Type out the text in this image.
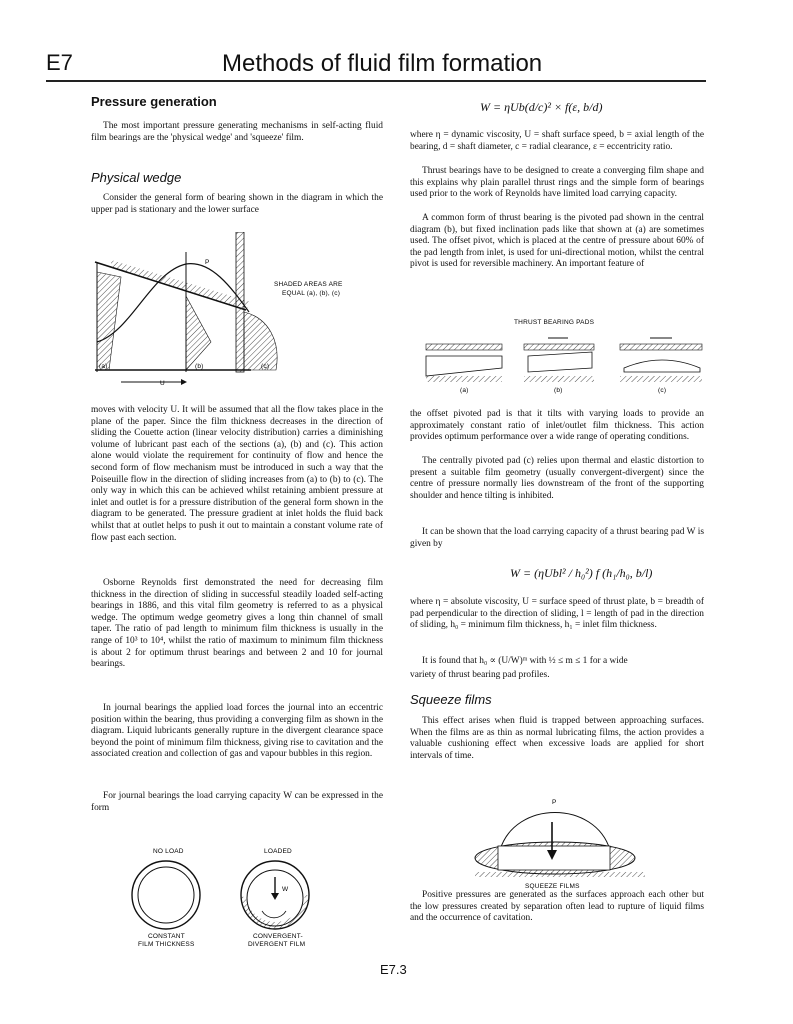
E7	Methods of fluid film formation
Pressure generation

The most important pressure generating mechanisms in self-acting fluid film bearings are the 'physical wedge' and 'squeeze' film.

Physical wedge

Consider the general form of bearing shown in the diagram in which the upper pad is stationary and the lower surface

P
SHADED AREAS ARE
EQUAL (a), (b), (c)
(a)	(b)	(c)
U

moves with velocity U. It will be assumed that all the flow takes place in the plane of the paper. Since the film thickness decreases in the direction of sliding the Couette action (linear velocity distribution) carries a diminishing volume of lubricant past each of the sections (a), (b) and (c). This action alone would violate the requirement for continuity of flow and hence the second form of flow mechanism must be introduced in such a way that the Poiseuille flow in the direction of sliding increases from (a) to (b) to (c). The only way in which this can be achieved whilst retaining ambient pressure at inlet and outlet is for a pressure distribution of the general form shown in the diagram to be generated. The pressure gradient at inlet holds the fluid back whilst that at outlet helps to push it out to maintain a constant volume rate of flow past each section.

Osborne Reynolds first demonstrated the need for decreasing film thickness in the direction of sliding in successful steadily loaded self-acting bearings in 1886, and this vital film geometry is referred to as a physical wedge. The optimum wedge geometry gives a long thin channel of small taper. The ratio of pad length to minimum film thickness is usually in the range of 10³ to 10⁴, whilst the ratio of maximum to minimum film thickness is about 2 for optimum thrust bearings and between 2 and 10 for journal bearings.

In journal bearings the applied load forces the journal into an eccentric position within the bearing, thus providing a converging film as shown in the diagram. Liquid lubricants generally rupture in the divergent clearance space beyond the point of minimum film thickness, giving rise to cavitation and the associated creation and collection of gas and vapour bubbles in this region.

For journal bearings the load carrying capacity W can be expressed in the form

NO LOAD	LOADED
W
CONSTANT
FILM THICKNESS
CONVERGENT-
DIVERGENT FILM
W = ηUb(d/c)² × f(ε, b/d)

where η = dynamic viscosity, U = shaft surface speed, b = axial length of the bearing, d = shaft diameter, c = radial clearance, ε = eccentricity ratio.

Thrust bearings have to be designed to create a converging film shape and this explains why plain parallel thrust rings and the simple form of bearings used prior to the work of Reynolds have limited load carrying capacity.

A common form of thrust bearing is the pivoted pad shown in the central diagram (b), but fixed inclination pads like that shown at (a) are sometimes used. The offset pivot, which is placed at the centre of pressure about 60% of the pad length from inlet, is used for uni-directional motion, whilst the central pivot is used for reversible machinery. An important feature of

THRUST BEARING PADS
(a)	(b)	(c)

the offset pivoted pad is that it tilts with varying loads to provide an approximately constant ratio of inlet/outlet film thickness. This action provides optimum performance over a wide range of operating conditions.

The centrally pivoted pad (c) relies upon thermal and elastic distortion to present a suitable film geometry (usually convergent-divergent) since the centre of pressure normally lies downstream of the front of the supporting shoulder and hence tilting is inhibited.

It can be shown that the load carrying capacity of a thrust bearing pad W is given by

W = (ηUbl² / h₀²) f (h₁/h₀, b/l)

where η = absolute viscosity, U = surface speed of thrust plate, b = breadth of pad perpendicular to the direction of sliding, l = length of pad in the direction of sliding, h₀ = minimum film thickness, h₁ = inlet film thickness.

It is found that h₀ ∝ (U/W)ᵐ with ½ ≤ m ≤ 1 for a wide

variety of thrust bearing pad profiles.

Squeeze films

This effect arises when fluid is trapped between approaching surfaces. When the films are as thin as normal lubricating films, the action provides a valuable cushioning effect when excessive loads are applied for short intervals of time.

P
SQUEEZE FILMS

Positive pressures are generated as the surfaces approach each other but the low pressures created by separation often lead to rupture of liquid films and the occurrence of cavitation.

E7.3
